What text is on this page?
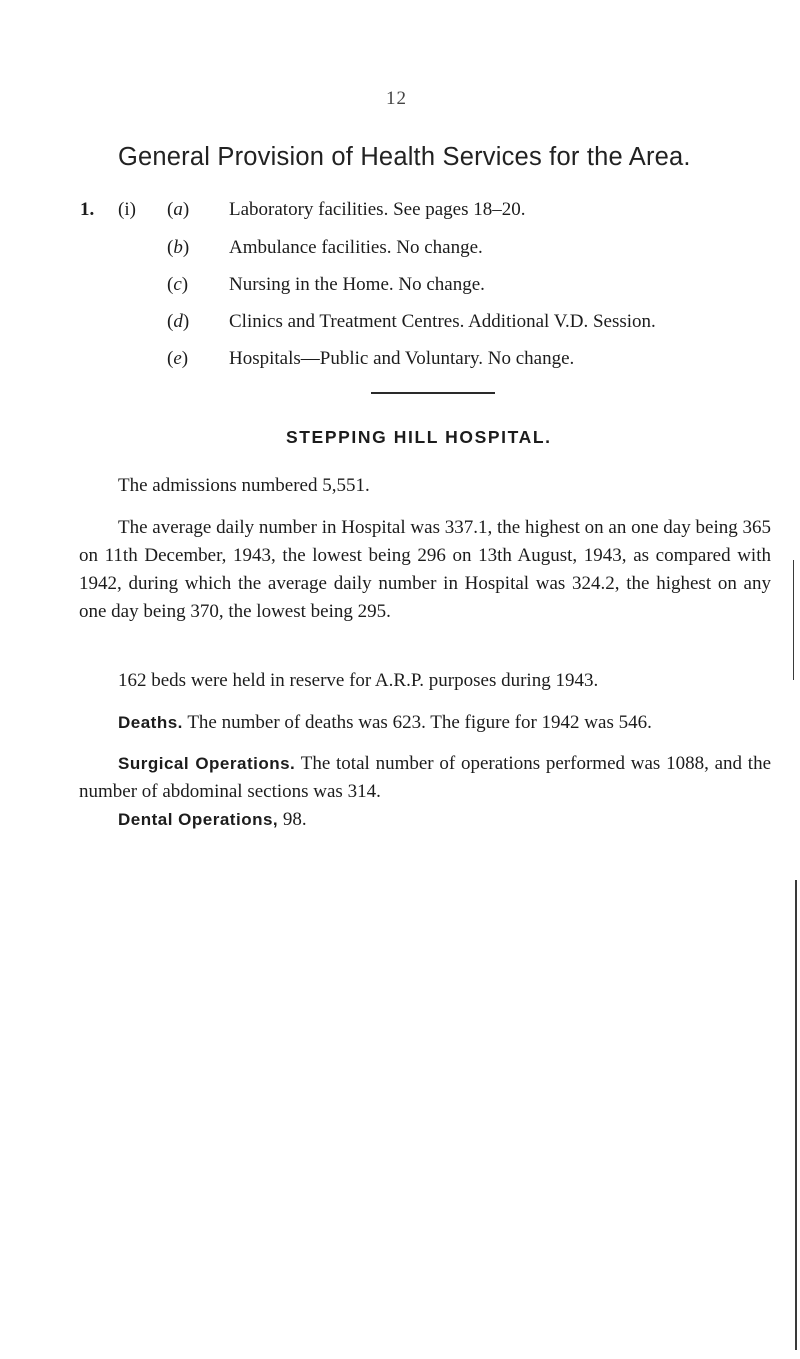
12
General Provision of Health Services for the Area.
1. (i) (a) Laboratory facilities. See pages 18–20.
(b) Ambulance facilities. No change.
(c) Nursing in the Home. No change.
(d) Clinics and Treatment Centres. Additional V.D. Session.
(e) Hospitals—Public and Voluntary. No change.
STEPPING HILL HOSPITAL.
The admissions numbered 5,551.
The average daily number in Hospital was 337.1, the highest on an one day being 365 on 11th December, 1943, the lowest being 296 on 13th August, 1943, as compared with 1942, during which the average daily number in Hospital was 324.2, the highest on any one day being 370, the lowest being 295.
162 beds were held in reserve for A.R.P. purposes during 1943.
Deaths. The number of deaths was 623. The figure for 1942 was 546.
Surgical Operations. The total number of operations performed was 1088, and the number of abdominal sections was 314.
Dental Operations, 98.
